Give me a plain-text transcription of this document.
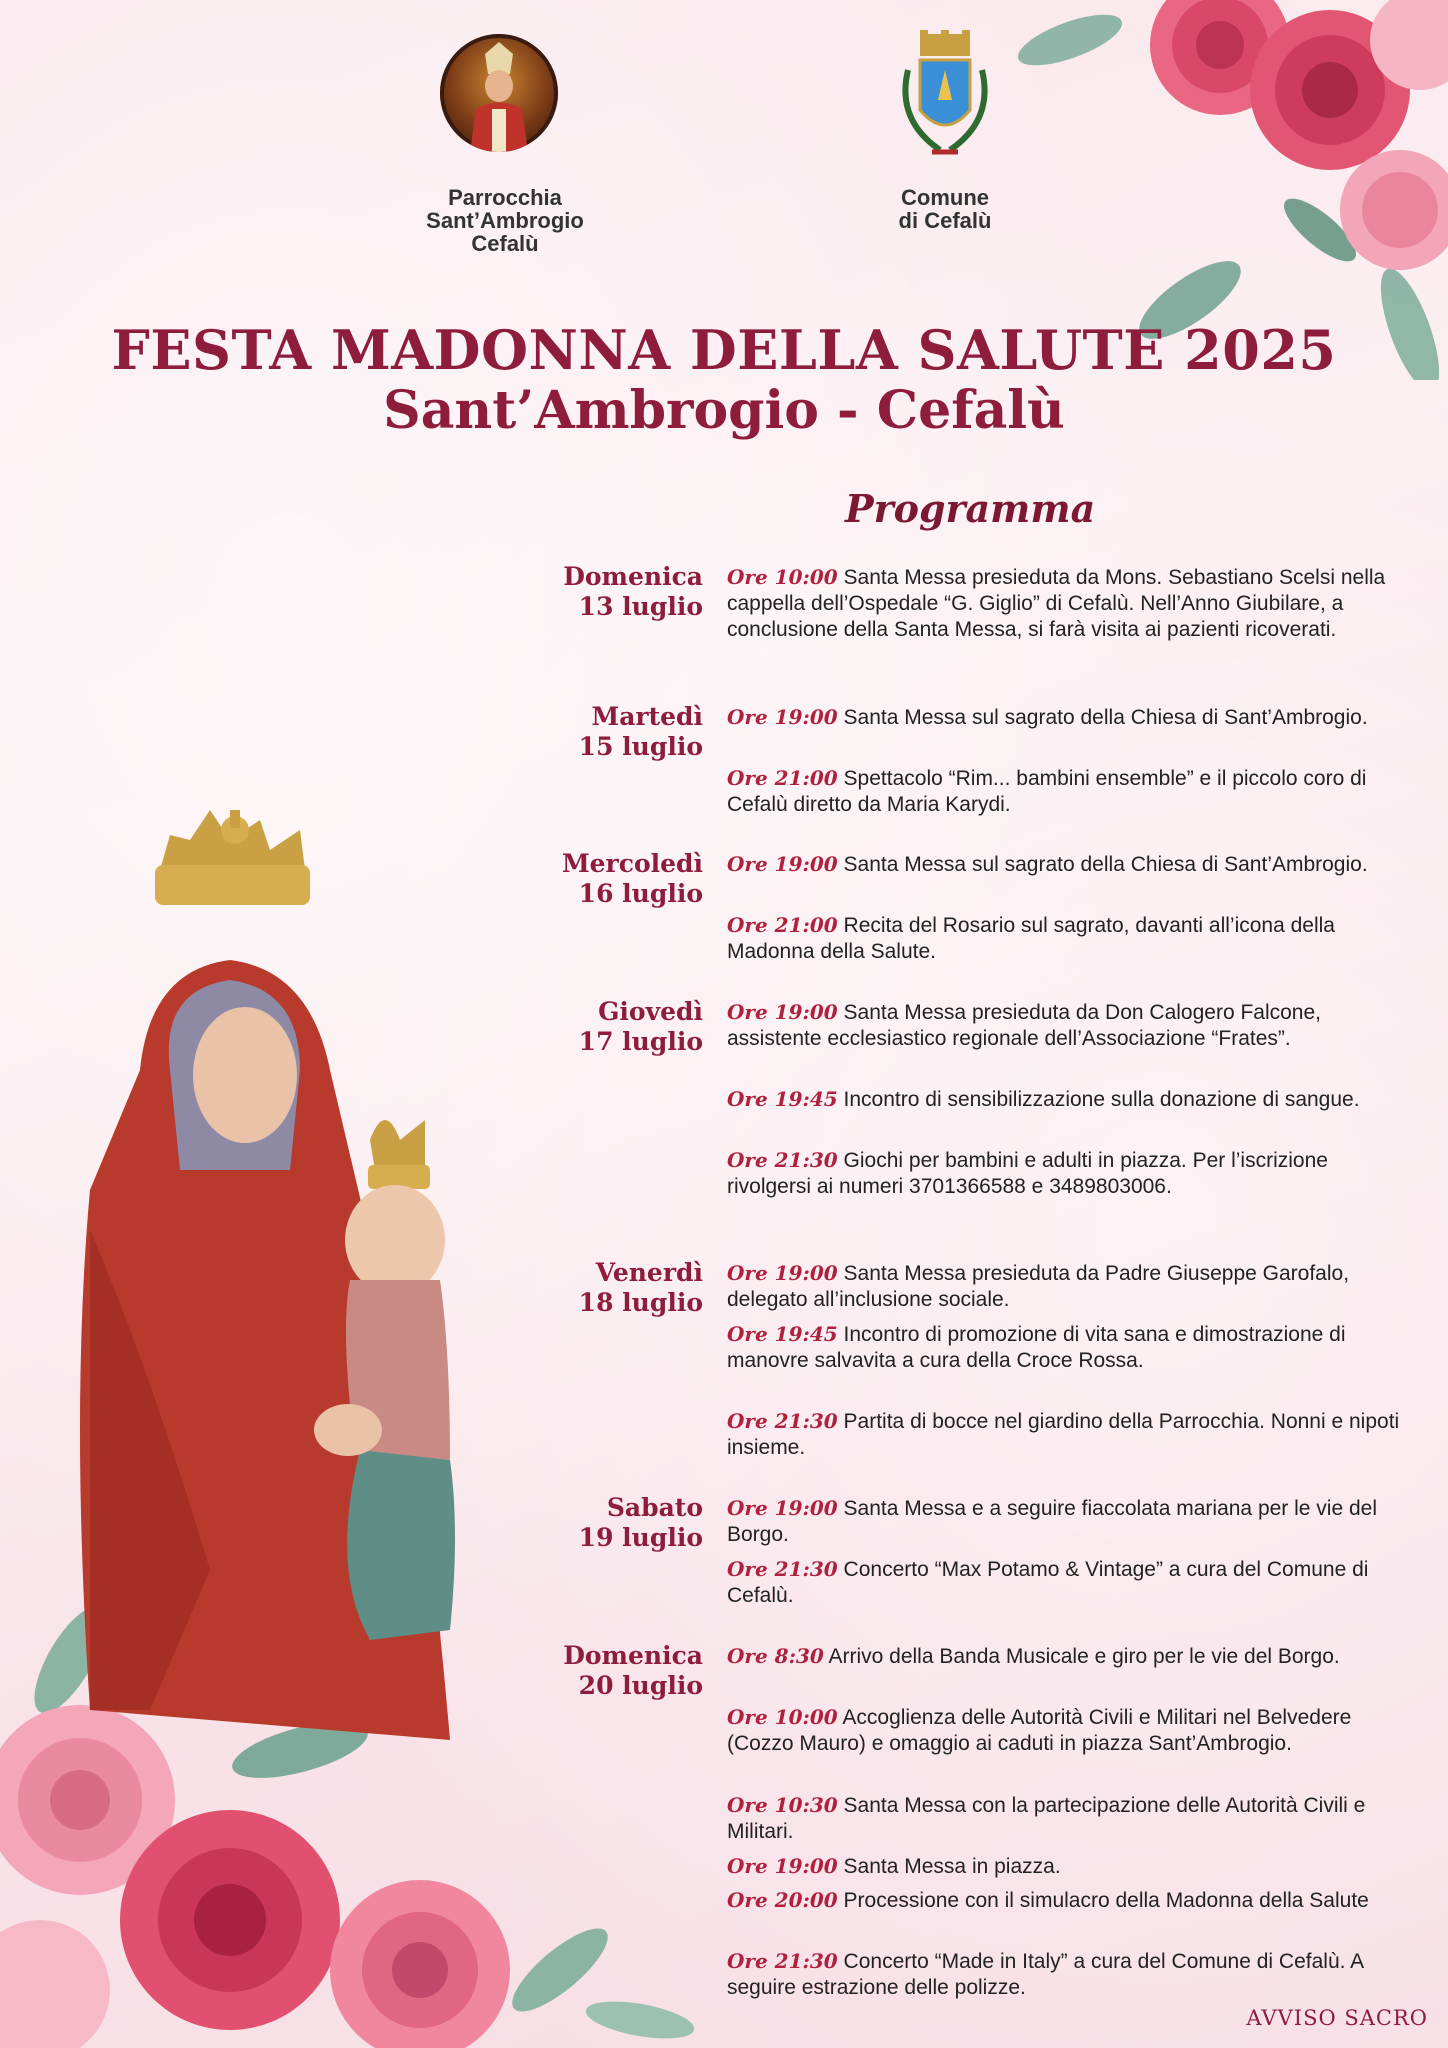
Parrocchia
Sant’Ambrogio
Cefalù
Comune
di Cefalù
FESTA MADONNA DELLA SALUTE 2025
Sant’Ambrogio - Cefalù
Programma
Domenica
13 luglio
Ore 10:00 Santa Messa presieduta da Mons. Sebastiano Scelsi nella cappella dell’Ospedale “G. Giglio” di Cefalù. Nell’Anno Giubilare, a conclusione della Santa Messa, si farà visita ai pazienti ricoverati.
Martedì
15 luglio
Ore 19:00 Santa Messa sul sagrato della Chiesa di Sant’Ambrogio.
Ore 21:00 Spettacolo “Rim... bambini ensemble” e il piccolo coro di Cefalù diretto da Maria Karydi.
Mercoledì
16 luglio
Ore 19:00 Santa Messa sul sagrato della Chiesa di Sant’Ambrogio.
Ore 21:00 Recita del Rosario sul sagrato, davanti all’icona della Madonna della Salute.
Giovedì
17 luglio
Ore 19:00 Santa Messa presieduta da Don Calogero Falcone, assistente ecclesiastico regionale dell’Associazione “Frates”.
Ore 19:45 Incontro di sensibilizzazione sulla donazione di sangue.
Ore 21:30 Giochi per bambini e adulti in piazza. Per l’iscrizione rivolgersi ai numeri 3701366588 e 3489803006.
Venerdì
18 luglio
Ore 19:00 Santa Messa presieduta da Padre Giuseppe Garofalo, delegato all’inclusione sociale.
Ore 19:45 Incontro di promozione di vita sana e dimostrazione di manovre salvavita a cura della Croce Rossa.
Ore 21:30 Partita di bocce nel giardino della Parrocchia. Nonni e nipoti insieme.
Sabato
19 luglio
Ore 19:00 Santa Messa e a seguire fiaccolata mariana per le vie del Borgo.
Ore 21:30 Concerto “Max Potamo & Vintage” a cura del Comune di Cefalù.
Domenica
20 luglio
Ore 8:30 Arrivo della Banda Musicale e giro per le vie del Borgo.
Ore 10:00 Accoglienza delle Autorità Civili e Militari nel Belvedere (Cozzo Mauro) e omaggio ai caduti in piazza Sant’Ambrogio.
Ore 10:30 Santa Messa con la partecipazione delle Autorità Civili e Militari.
Ore 19:00 Santa Messa in piazza.
Ore 20:00 Processione con il simulacro della Madonna della Salute
Ore 21:30 Concerto “Made in Italy” a cura del Comune di Cefalù. A seguire estrazione delle polizze.
AVVISO SACRO
